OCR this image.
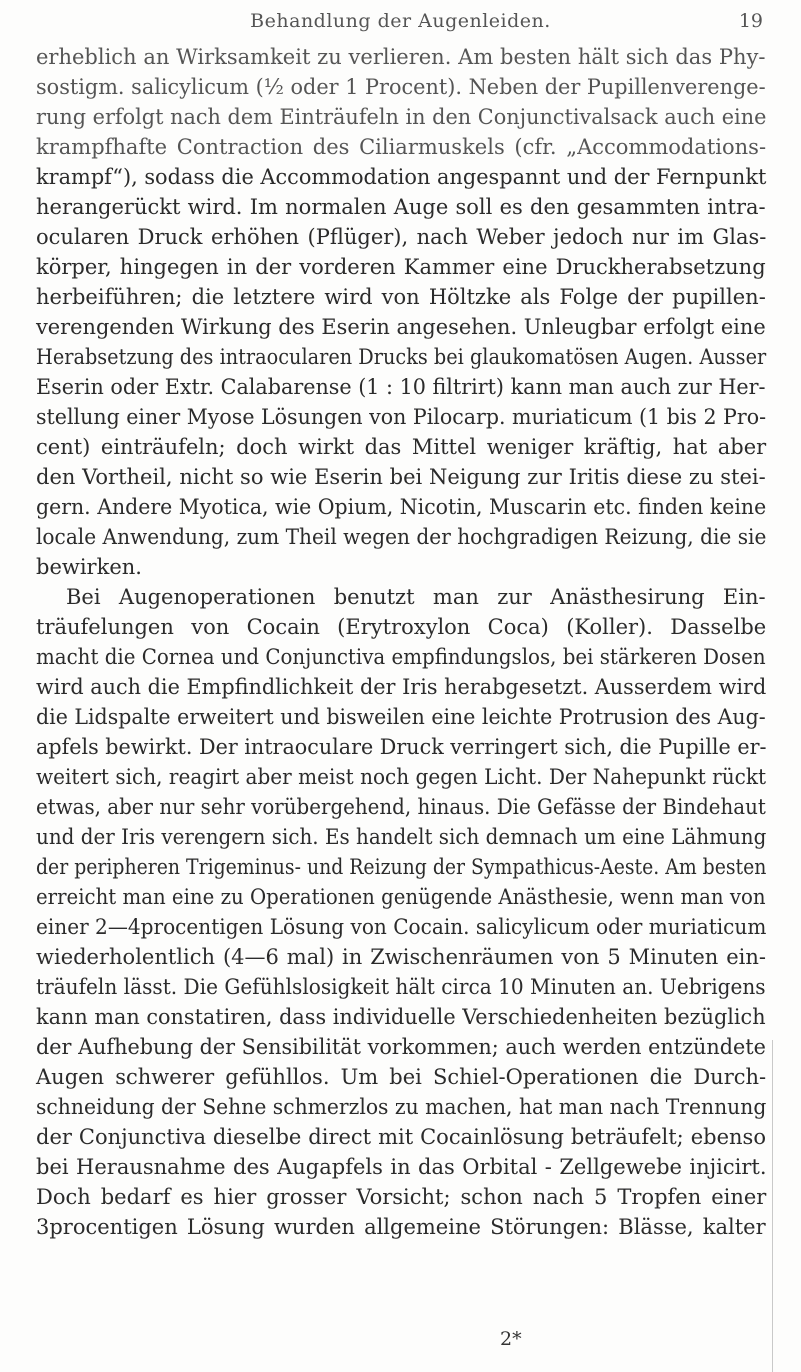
Behandlung der Augenleiden.	19
erheblich an Wirksamkeit zu verlieren. Am besten hält sich das Phy-
sostigm. salicylicum (½ oder 1 Procent). Neben der Pupillenverenge-
rung erfolgt nach dem Einträufeln in den Conjunctivalsack auch eine
krampfhafte Contraction des Ciliarmuskels (cfr. „Accommodations-
krampf“), sodass die Accommodation angespannt und der Fernpunkt
herangerückt wird. Im normalen Auge soll es den gesammten intra-
ocularen Druck erhöhen (Pflüger), nach Weber jedoch nur im Glas-
körper, hingegen in der vorderen Kammer eine Druckherabsetzung
herbeiführen; die letztere wird von Höltzke als Folge der pupillen-
verengenden Wirkung des Eserin angesehen. Unleugbar erfolgt eine
Herabsetzung des intraocularen Drucks bei glaukomatösen Augen. Ausser
Eserin oder Extr. Calabarense (1 : 10 filtrirt) kann man auch zur Her-
stellung einer Myose Lösungen von Pilocarp. muriaticum (1 bis 2 Pro-
cent) einträufeln; doch wirkt das Mittel weniger kräftig, hat aber
den Vortheil, nicht so wie Eserin bei Neigung zur Iritis diese zu stei-
gern. Andere Myotica, wie Opium, Nicotin, Muscarin etc. finden keine
locale Anwendung, zum Theil wegen der hochgradigen Reizung, die sie
bewirken.
Bei Augenoperationen benutzt man zur Anästhesirung Ein-
träufelungen von Cocain (Erytroxylon Coca) (Koller). Dasselbe
macht die Cornea und Conjunctiva empfindungslos, bei stärkeren Dosen
wird auch die Empfindlichkeit der Iris herabgesetzt. Ausserdem wird
die Lidspalte erweitert und bisweilen eine leichte Protrusion des Aug-
apfels bewirkt. Der intraoculare Druck verringert sich, die Pupille er-
weitert sich, reagirt aber meist noch gegen Licht. Der Nahepunkt rückt
etwas, aber nur sehr vorübergehend, hinaus. Die Gefässe der Bindehaut
und der Iris verengern sich. Es handelt sich demnach um eine Lähmung
der peripheren Trigeminus- und Reizung der Sympathicus-Aeste. Am besten
erreicht man eine zu Operationen genügende Anästhesie, wenn man von
einer 2—4procentigen Lösung von Cocain. salicylicum oder muriaticum
wiederholentlich (4—6 mal) in Zwischenräumen von 5 Minuten ein-
träufeln lässt. Die Gefühlslosigkeit hält circa 10 Minuten an. Uebrigens
kann man constatiren, dass individuelle Verschiedenheiten bezüglich
der Aufhebung der Sensibilität vorkommen; auch werden entzündete
Augen schwerer gefühllos. Um bei Schiel-Operationen die Durch-
schneidung der Sehne schmerzlos zu machen, hat man nach Trennung
der Conjunctiva dieselbe direct mit Cocainlösung beträufelt; ebenso
bei Herausnahme des Augapfels in das Orbital - Zellgewebe injicirt.
Doch bedarf es hier grosser Vorsicht; schon nach 5 Tropfen einer
3procentigen Lösung wurden allgemeine Störungen: Blässe, kalter
2*
